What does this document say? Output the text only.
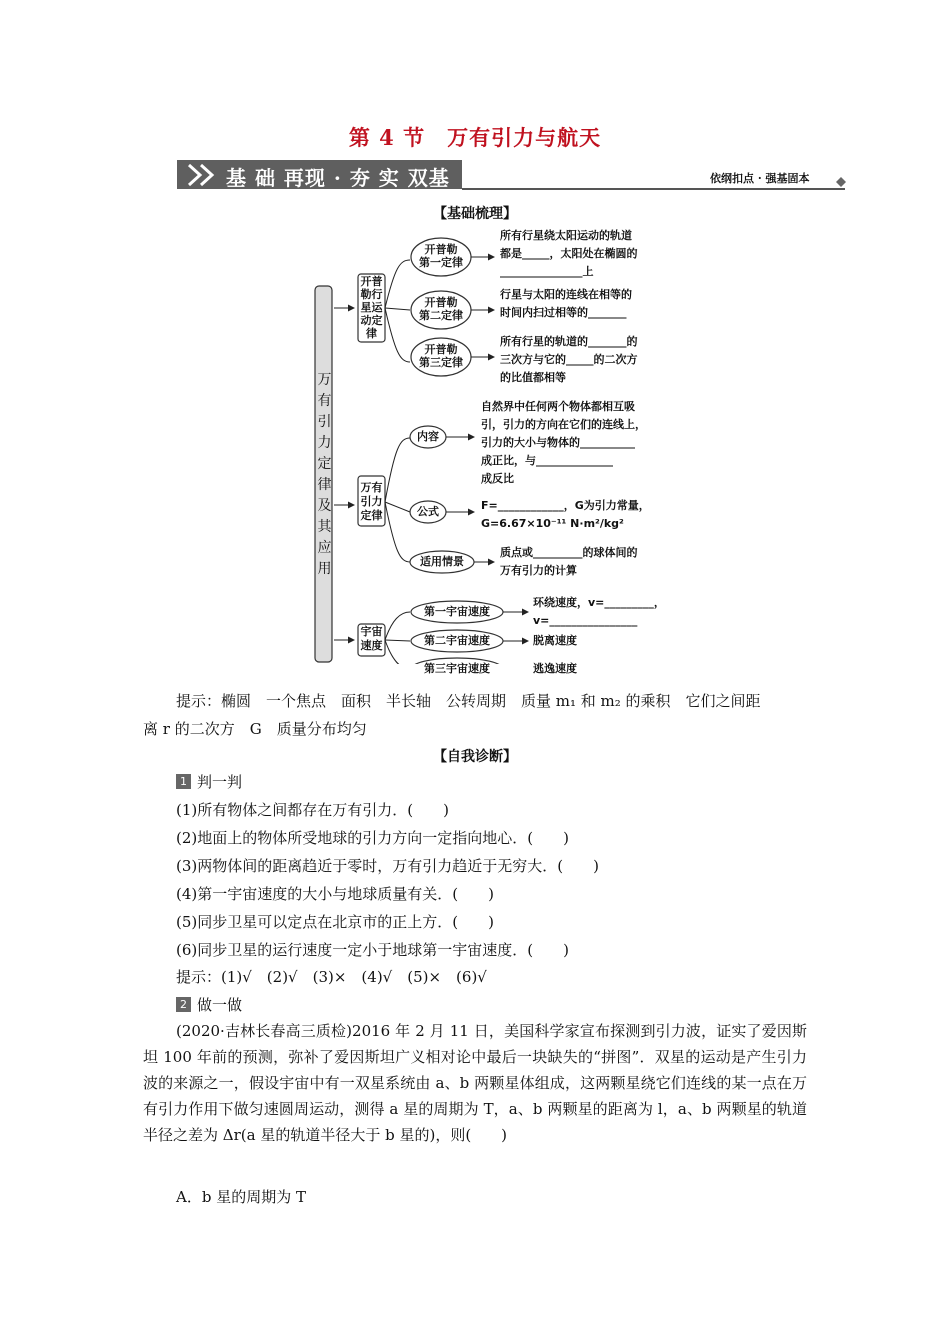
第 4 节　万有引力与航天
基 础 再现 · 夯 实 双基	依纲扣点 · 强基固本
【基础梳理】
万
有
引
力
定
律
及
其
应
用
开普
勒行
星运
动定
律
万有
引力
定律
宇宙
速度
开普勒
第一定律
开普勒
第二定律
开普勒
第三定律
所有行星绕太阳运动的轨道
都是_____，太阳处在椭圆的
_______________上
行星与太阳的连线在相等的
时间内扫过相等的_______
所有行星的轨道的_______的
三次方与它的_____的二次方
的比值都相等
内容
公式
适用情景
自然界中任何两个物体都相互吸
引，引力的方向在它们的连线上，
引力的大小与物体的__________
成正比，与______________
成反比
F=____________，G为引力常量，
G=6.67×10⁻¹¹ N·m²/kg²
质点或_________的球体间的
万有引力的计算
第一宇宙速度
第二宇宙速度
第三宇宙速度
环绕速度，v=_________，
v=________________
脱离速度
逃逸速度
提示：椭圆　一个焦点　面积　半长轴　公转周期　质量 m₁ 和 m₂ 的乘积　它们之间距
离 r 的二次方　G　质量分布均匀
【自我诊断】
1 判一判
(1)所有物体之间都存在万有引力．(　　)
(2)地面上的物体所受地球的引力方向一定指向地心．(　　)
(3)两物体间的距离趋近于零时，万有引力趋近于无穷大．(　　)
(4)第一宇宙速度的大小与地球质量有关．(　　)
(5)同步卫星可以定点在北京市的正上方．(　　)
(6)同步卫星的运行速度一定小于地球第一宇宙速度．(　　)
提示：(1)√　(2)√　(3)×　(4)√　(5)×　(6)√
2 做一做
(2020·吉林长春高三质检)2016 年 2 月 11 日，美国科学家宣布探测到引力波，证实了爱因斯坦 100 年前的预测，弥补了爱因斯坦广义相对论中最后一块缺失的“拼图”．双星的运动是产生引力波的来源之一，假设宇宙中有一双星系统由 a、b 两颗星体组成，这两颗星绕它们连线的某一点在万有引力作用下做匀速圆周运动，测得 a 星的周期为 T，a、b 两颗星的距离为 l，a、b 两颗星的轨道半径之差为 Δr(a 星的轨道半径大于 b 星的)，则(　　)
A．b 星的周期为 T
